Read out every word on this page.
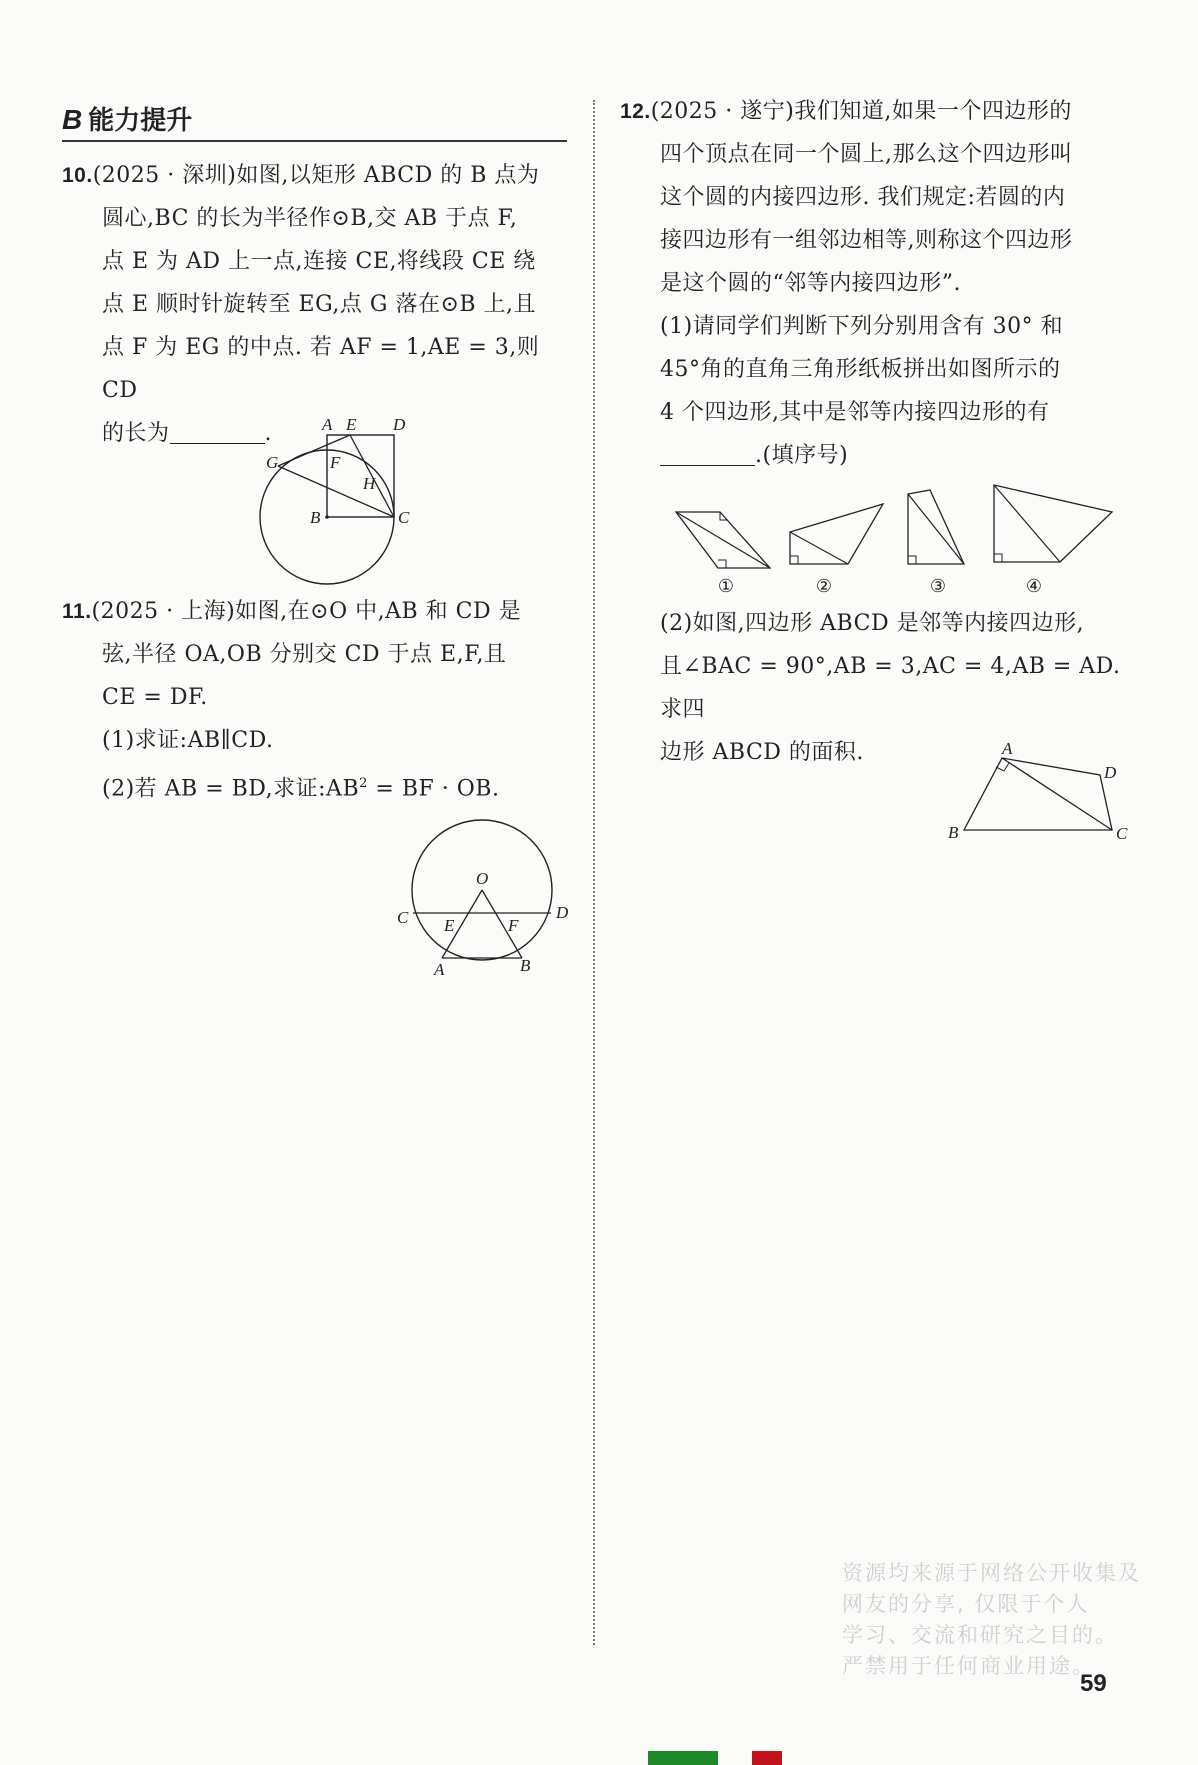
B 能力提升
10.(2025 · 深圳)如图,以矩形 ABCD 的 B 点为
圆心,BC 的长为半径作⊙B,交 AB 于点 F,
点 E 为 AD 上一点,连接 CE,将线段 CE 绕
点 E 顺时针旋转至 EG,点 G 落在⊙B 上,且
点 F 为 EG 的中点. 若 AF = 1,AE = 3,则 CD
的长为	.	A E D
G	F
H
B	C
11.(2025 · 上海)如图,在⊙O 中,AB 和 CD 是
弦,半径 OA,OB 分别交 CD 于点 E,F,且
CE = DF.
(1)求证:AB∥CD.
(2)若 AB = BD,求证$:AB^2$ = BF · OB.
O
C	D
E	F
A	B
12.(2025 · 遂宁)我们知道,如果一个四边形的
四个顶点在同一个圆上,那么这个四边形叫
这个圆的内接四边形. 我们规定:若圆的内
接四边形有一组邻边相等,则称这个四边形
是这个圆的“邻等内接四边形”.
(1)请同学们判断下列分别用含有 30° 和
45°角的直角三角形纸板拼出如图所示的
4 个四边形,其中是邻等内接四边形的有
.(填序号)
①	②	③	④
(2)如图,四边形 ABCD 是邻等内接四边形,
且∠BAC = 90°,AB = 3,AC = 4,AB = AD. 求四
边形 ABCD 的面积.	A
D
B	C
资源均来源于网络公开收集及
网友的分享, 仅限于个人
学习、交流和研究之目的。
严禁用于任何商业用途。
59
